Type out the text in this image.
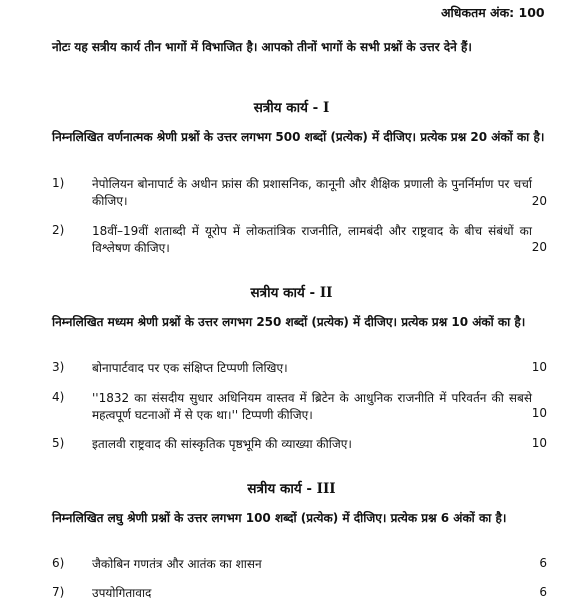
अधिकतम अंक: 100
नोटः यह सत्रीय कार्य तीन भागों में विभाजित है। आपको तीनों भागों के सभी प्रश्नों के उत्तर देने हैं।
सत्रीय कार्य - I
निम्नलिखित वर्णनात्मक श्रेणी प्रश्नों के उत्तर लगभग 500 शब्दों (प्रत्येक) में दीजिए। प्रत्येक प्रश्न 20 अंकों का है।
1) नेपोलियन बोनापार्ट के अधीन फ्रांस की प्रशासनिक, कानूनी और शैक्षिक प्रणाली के पुनर्निर्माण पर चर्चा कीजिए।	20
2) 18वीं–19वीं शताब्दी में यूरोप में लोकतांत्रिक राजनीति, लामबंदी और राष्ट्रवाद के बीच संबंधों का विश्लेषण कीजिए।	20
सत्रीय कार्य - II
निम्नलिखित मध्यम श्रेणी प्रश्नों के उत्तर लगभग 250 शब्दों (प्रत्येक) में दीजिए। प्रत्येक प्रश्न 10 अंकों का है।
3) बोनापार्टवाद पर एक संक्षिप्त टिप्पणी लिखिए।	10
4) ''1832 का संसदीय सुधार अधिनियम वास्तव में ब्रिटेन के आधुनिक राजनीति में परिवर्तन की सबसे महत्वपूर्ण घटनाओं में से एक था।'' टिप्पणी कीजिए।	10
5) इतालवी राष्ट्रवाद की सांस्कृतिक पृष्ठभूमि की व्याख्या कीजिए।	10
सत्रीय कार्य - III
निम्नलिखित लघु श्रेणी प्रश्नों के उत्तर लगभग 100 शब्दों (प्रत्येक) में दीजिए। प्रत्येक प्रश्न 6 अंकों का है।
6) जैकोबिन गणतंत्र और आतंक का शासन	6
7) उपयोगितावाद	6
